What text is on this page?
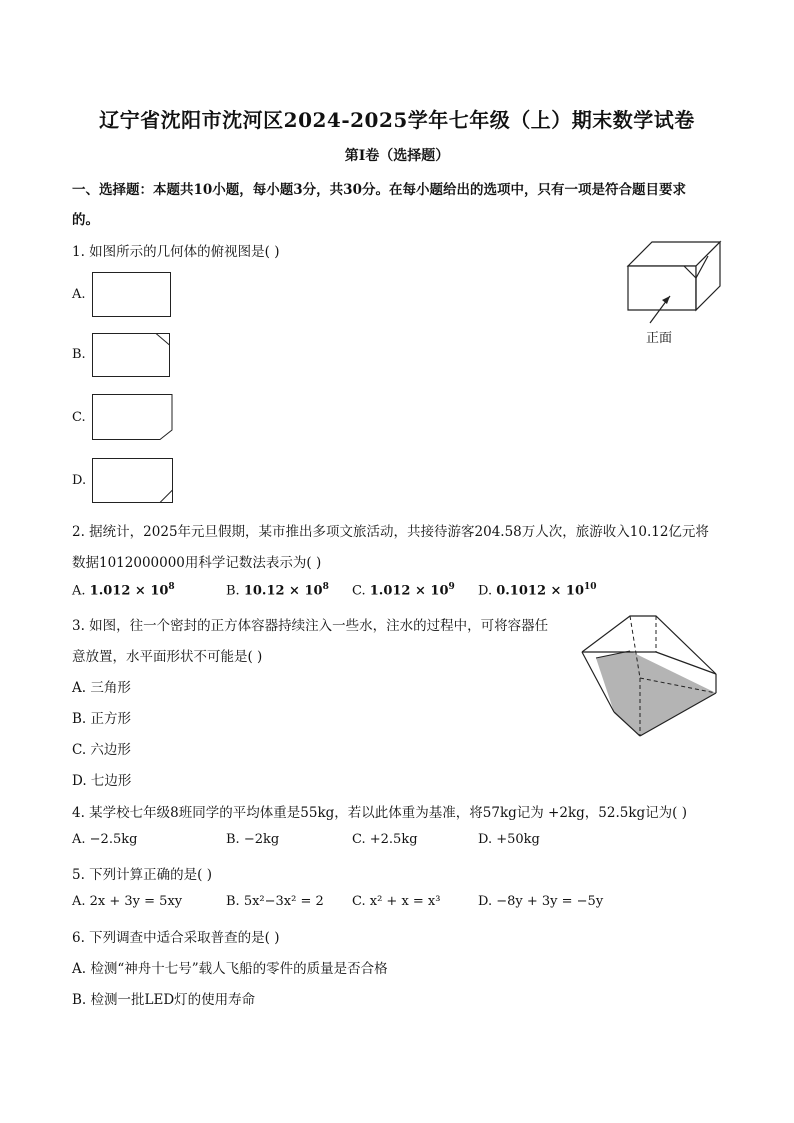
辽宁省沈阳市沈河区2024-2025学年七年级（上）期末数学试卷
第I卷（选择题）
一、选择题：本题共10小题，每小题3分，共30分。在每小题给出的选项中，只有一项是符合题目要求
的。
1. 如图所示的几何体的俯视图是( )
A.
B.
C.
D.
正面
2. 据统计，2025年元旦假期，某市推出多项文旅活动，共接待游客204.58万人次，旅游收入10.12亿元将
数据1012000000用科学记数法表示为( )
A. $1.012 \times 10^8$	B. $10.12 \times 10^8$ C. $1.012 \times 10^9$ D. $0.1012 \times 10^{10}$
3. 如图，往一个密封的正方体容器持续注入一些水，注水的过程中，可将容器任
意放置，水平面形状不可能是( )
A. 三角形
B. 正方形
C. 六边形
D. 七边形
4. 某学校七年级8班同学的平均体重是55kg，若以此体重为基准，将57kg记为 +2kg，52.5kg记为( )
A. −2.5kg	B. −2kg	C. +2.5kg	D. +50kg
5. 下列计算正确的是( )
A. 2x + 3y = 5xy	B. 5x²−3x² = 2 C. x² + x = x³	D. −8y + 3y = −5y
6. 下列调查中适合采取普查的是( )
A. 检测“神舟十七号”载人飞船的零件的质量是否合格
B. 检测一批LED灯的使用寿命
